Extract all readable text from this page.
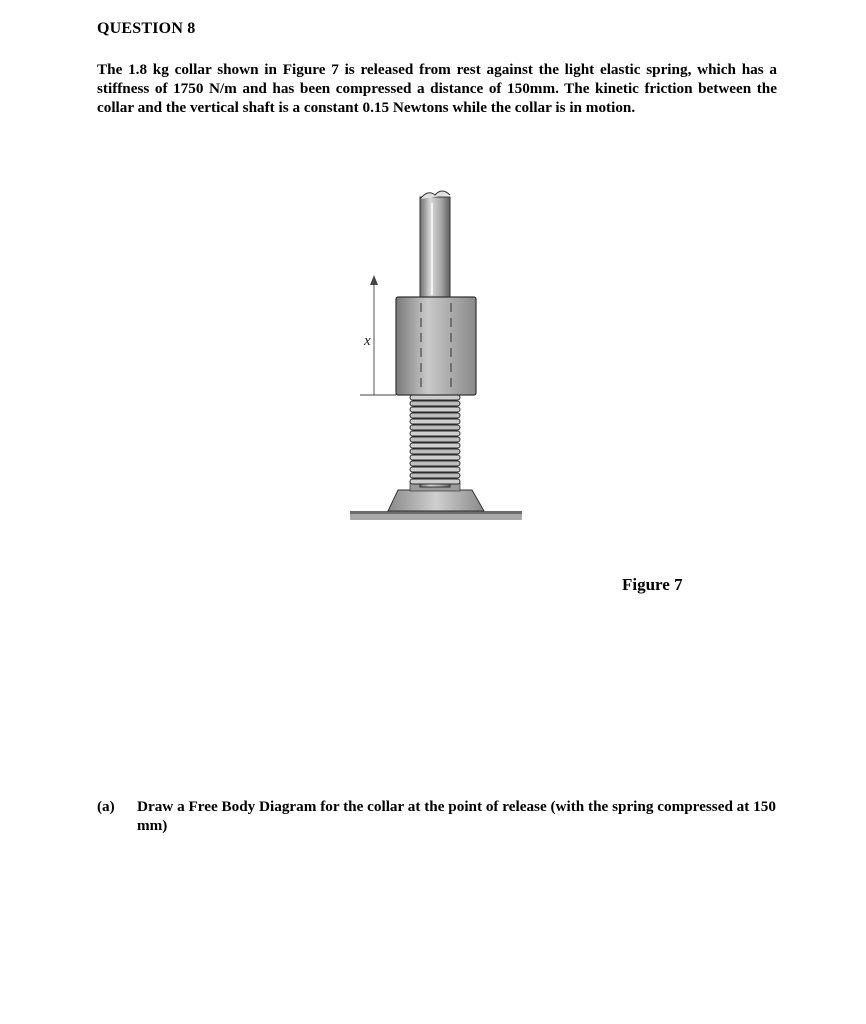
QUESTION 8
The 1.8 kg collar shown in Figure 7 is released from rest against the light elastic spring, which has a stiffness of 1750 N/m and has been compressed a distance of 150mm. The kinetic friction between the collar and the vertical shaft is a constant 0.15 Newtons while the collar is in motion.
x
Figure 7
(a) Draw a Free Body Diagram for the collar at the point of release (with the spring compressed at 150 mm)
